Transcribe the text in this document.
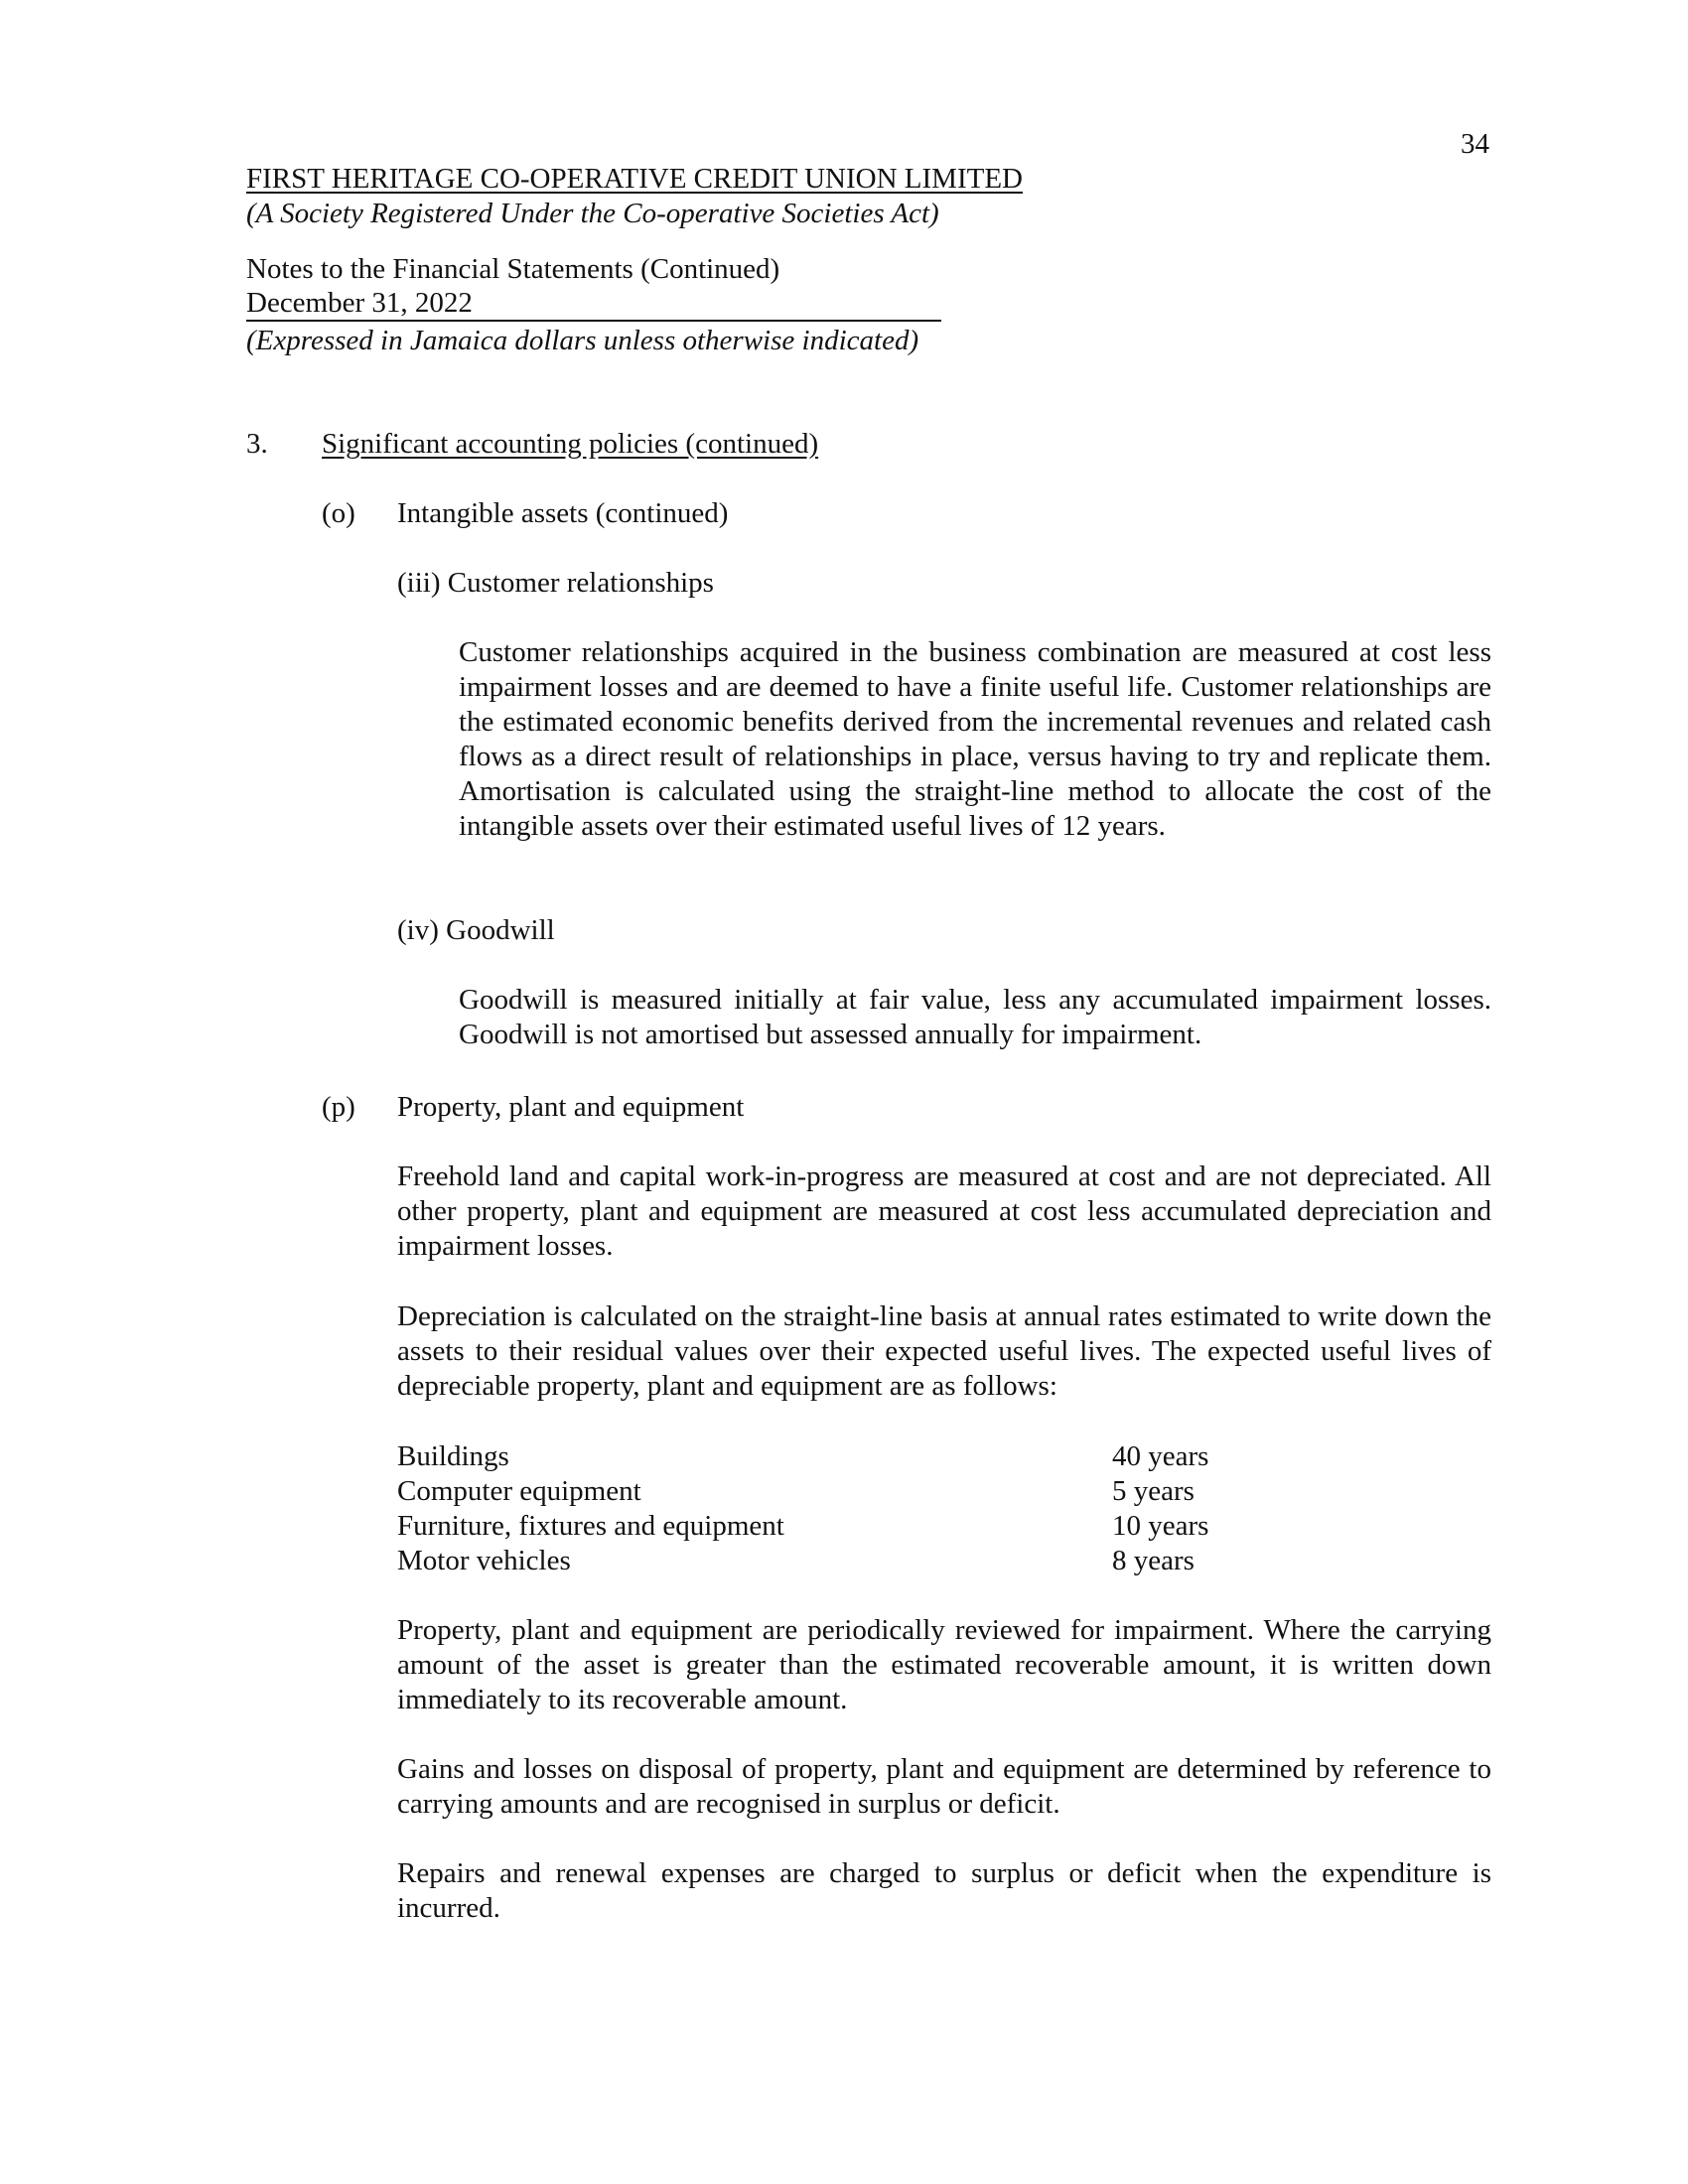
34
FIRST HERITAGE CO-OPERATIVE CREDIT UNION LIMITED
(A Society Registered Under the Co-operative Societies Act)
Notes to the Financial Statements (Continued)
December 31, 2022
(Expressed in Jamaica dollars unless otherwise indicated)
3. Significant accounting policies (continued)
(o) Intangible assets (continued)
(iii) Customer relationships
Customer relationships acquired in the business combination are measured at cost less impairment losses and are deemed to have a finite useful life. Customer relationships are the estimated economic benefits derived from the incremental revenues and related cash flows as a direct result of relationships in place, versus having to try and replicate them. Amortisation is calculated using the straight-line method to allocate the cost of the intangible assets over their estimated useful lives of 12 years.
(iv) Goodwill
Goodwill is measured initially at fair value, less any accumulated impairment losses. Goodwill is not amortised but assessed annually for impairment.
(p) Property, plant and equipment
Freehold land and capital work-in-progress are measured at cost and are not depreciated. All other property, plant and equipment are measured at cost less accumulated depreciation and impairment losses.
Depreciation is calculated on the straight-line basis at annual rates estimated to write down the assets to their residual values over their expected useful lives. The expected useful lives of depreciable property, plant and equipment are as follows:
Buildings	40 years
Computer equipment	5 years
Furniture, fixtures and equipment	10 years
Motor vehicles	8 years
Property, plant and equipment are periodically reviewed for impairment. Where the carrying amount of the asset is greater than the estimated recoverable amount, it is written down immediately to its recoverable amount.
Gains and losses on disposal of property, plant and equipment are determined by reference to carrying amounts and are recognised in surplus or deficit.
Repairs and renewal expenses are charged to surplus or deficit when the expenditure is incurred.
